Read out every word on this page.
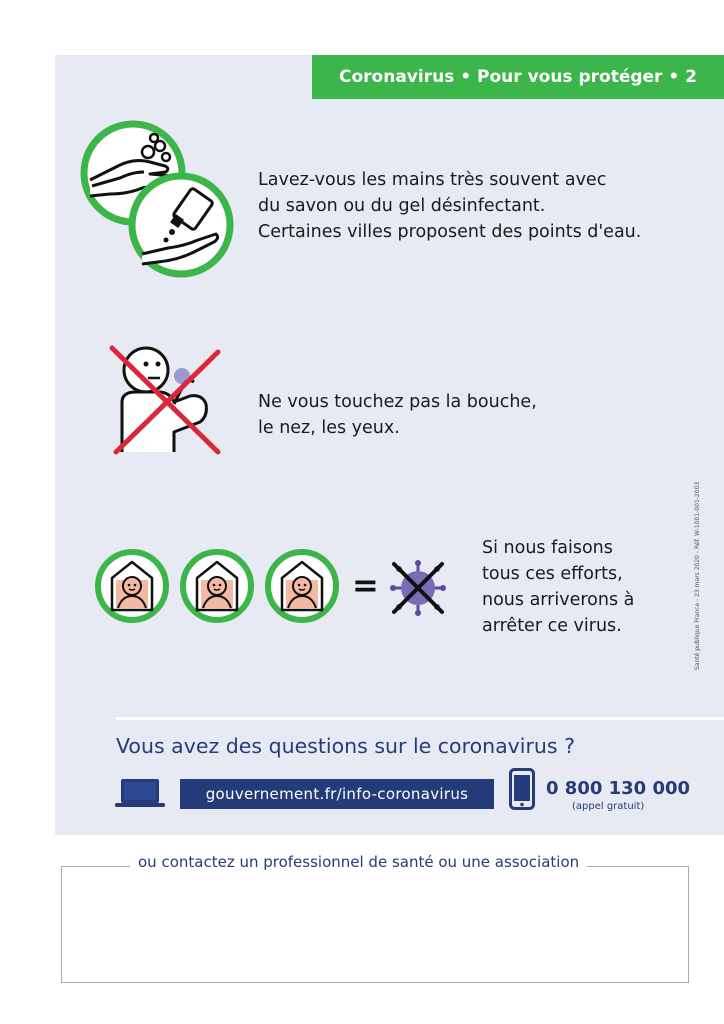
Coronavirus • Pour vous protéger • 2
Lavez-vous les mains très souvent avec
du savon ou du gel désinfectant.
Certaines villes proposent des points d'eau.
Ne vous touchez pas la bouche,
le nez, les yeux.
=
Si nous faisons
tous ces efforts,
nous arriverons à
arrêter ce virus.	Santé publique France - 23 mars 2020 - Réf. W-1001-001-2003
Vous avez des questions sur le coronavirus ?
gouvernement.fr/info-coronavirus	0 800 130 000
(appel gratuit)
ou contactez un professionnel de santé ou une association
